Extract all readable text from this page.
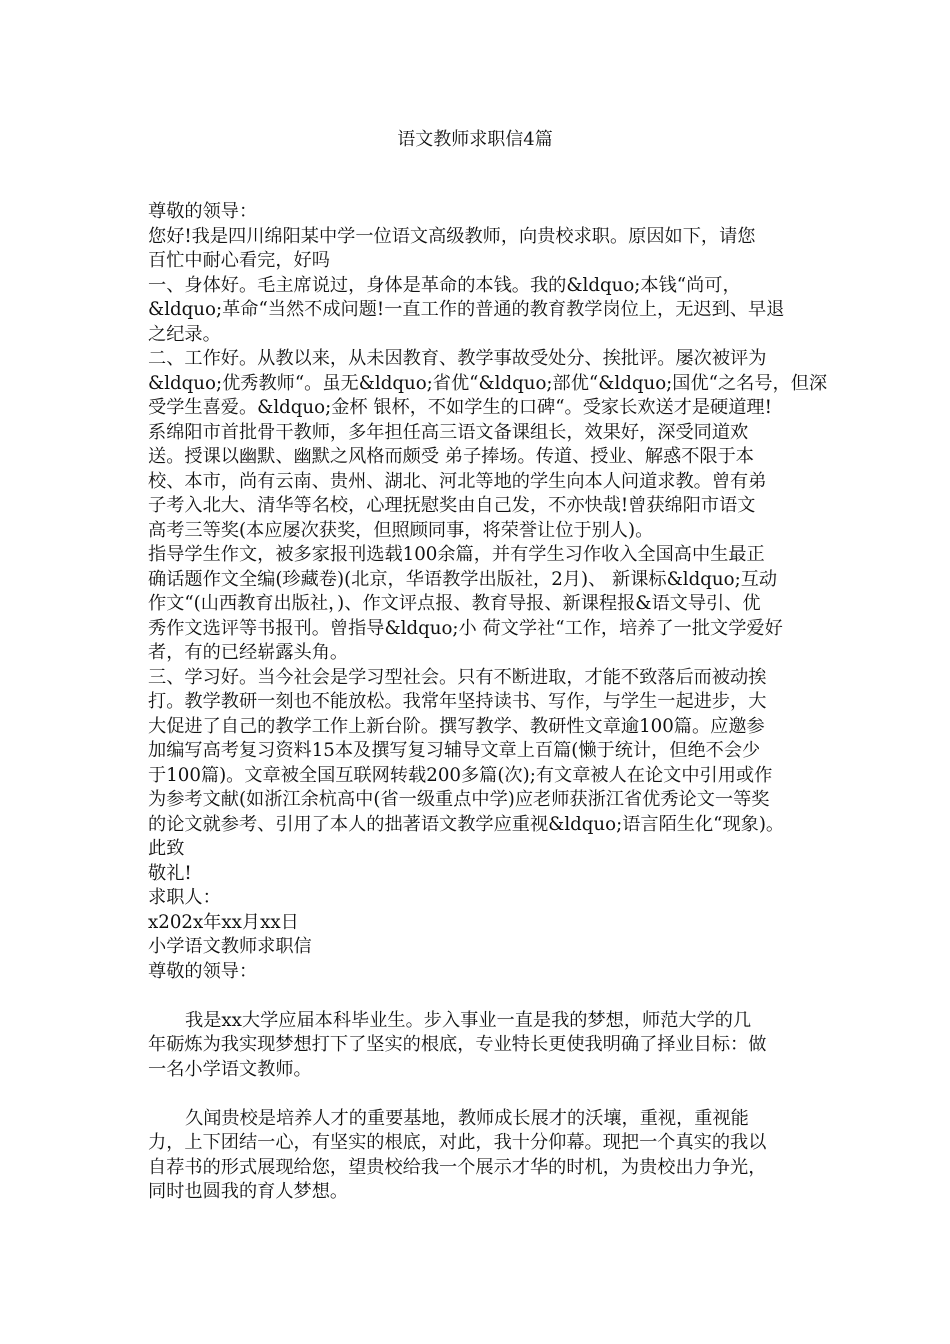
语文教师求职信4篇
尊敬的领导：
您好!我是四川绵阳某中学一位语文高级教师，向贵校求职。原因如下，请您
百忙中耐心看完，好吗
一、身体好。毛主席说过，身体是革命的本钱。我的&ldquo;本钱“尚可，
&ldquo;革命“当然不成问题!一直工作的普通的教育教学岗位上，无迟到、早退
之纪录。
二、工作好。从教以来，从未因教育、教学事故受处分、挨批评。屡次被评为
&ldquo;优秀教师“。虽无&ldquo;省优“&ldquo;部优“&ldquo;国优“之名号，但深
受学生喜爱。&ldquo;金杯 银杯，不如学生的口碑“。受家长欢送才是硬道理!
系绵阳市首批骨干教师，多年担任高三语文备课组长，效果好，深受同道欢
送。授课以幽默、幽默之风格而颇受 弟子捧场。传道、授业、解惑不限于本
校、本市，尚有云南、贵州、湖北、河北等地的学生向本人问道求教。曾有弟
子考入北大、清华等名校，心理抚慰奖由自己发，不亦快哉!曾获绵阳市语文
高考三等奖(本应屡次获奖，但照顾同事，将荣誉让位于别人)。
指导学生作文，被多家报刊选载100余篇，并有学生习作收入全国高中生最正
确话题作文全编(珍藏卷)(北京，华语教学出版社，2月)、 新课标&ldquo;互动
作文“(山西教育出版社，)、作文评点报、教育导报、新课程报&语文导引、优
秀作文选评等书报刊。曾指导&ldquo;小 荷文学社“工作，培养了一批文学爱好
者，有的已经崭露头角。
三、学习好。当今社会是学习型社会。只有不断进取，才能不致落后而被动挨
打。教学教研一刻也不能放松。我常年坚持读书、写作，与学生一起进步，大
大促进了自己的教学工作上新台阶。撰写教学、教研性文章逾100篇。应邀参
加编写高考复习资料15本及撰写复习辅导文章上百篇(懒于统计，但绝不会少
于100篇)。文章被全国互联网转载200多篇(次);有文章被人在论文中引用或作
为参考文献(如浙江余杭高中(省一级重点中学)应老师获浙江省优秀论文一等奖
的论文就参考、引用了本人的拙著语文教学应重视&ldquo;语言陌生化“现象)。
此致
敬礼!
求职人：
x202x年xx月xx日
小学语文教师求职信
尊敬的领导：
我是xx大学应届本科毕业生。步入事业一直是我的梦想，师范大学的几
年砺炼为我实现梦想打下了坚实的根底，专业特长更使我明确了择业目标：做
一名小学语文教师。
久闻贵校是培养人才的重要基地，教师成长展才的沃壤，重视，重视能
力，上下团结一心，有坚实的根底，对此，我十分仰幕。现把一个真实的我以
自荐书的形式展现给您，望贵校给我一个展示才华的时机，为贵校出力争光，
同时也圆我的育人梦想。
